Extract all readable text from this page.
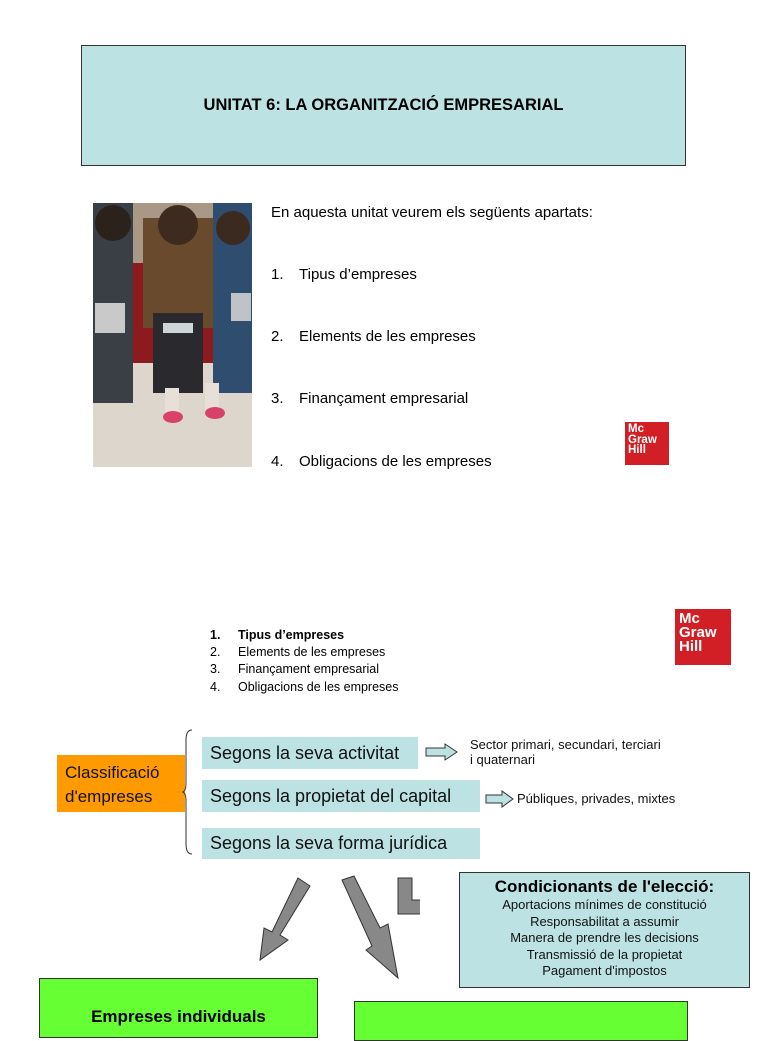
UNITAT 6: LA ORGANITZACIÓ EMPRESARIAL
En aquesta unitat veurem els següents apartats:
1.	Tipus d’empreses
2.	Elements de les empreses
3.	Finançament empresarial
4.	Obligacions de les empreses
Mc
Graw
Hill
1.	Tipus d’empreses
2.	Elements de les empreses
3.	Finançament empresarial
4.	Obligacions de les empreses
Mc
Graw
Hill
Classificació
d'empreses
Segons la seva activitat
Segons la propietat del capital
Segons la seva forma jurídica
Sector primari, secundari, terciari
i quaternari
Públiques, privades, mixtes
Condicionants de l'elecció:
Aportacions mínimes de constitució
Responsabilitat a assumir
Manera de prendre les decisions
Transmissió de la propietat
Pagament d'impostos
Empreses individuals
